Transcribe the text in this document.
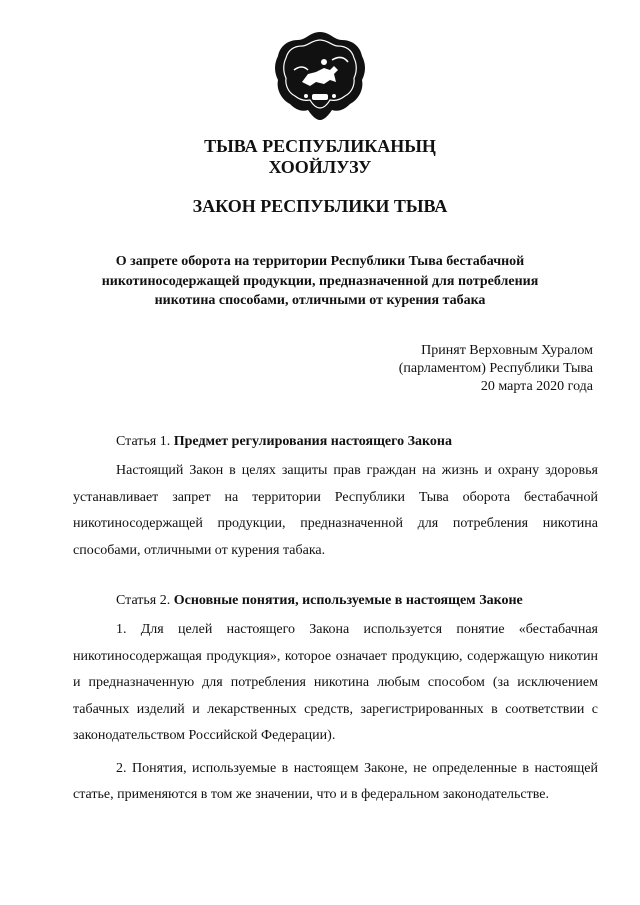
ТЫВА РЕСПУБЛИКАНЫҢ
ХООЙЛУЗУ
ЗАКОН РЕСПУБЛИКИ ТЫВА
О запрете оборота на территории Республики Тыва бестабачной
никотиносодержащей продукции, предназначенной для потребления
никотина способами, отличными от курения табака
Принят Верховным Хуралом
(парламентом) Республики Тыва
20 марта 2020 года
Статья 1. Предмет регулирования настоящего Закона

Настоящий Закон в целях защиты прав граждан на жизнь и охрану здоровья устанавливает запрет на территории Республики Тыва оборота бестабачной никотиносодержащей продукции, предназначенной для потребления никотина способами, отличными от курения табака.

Статья 2. Основные понятия, используемые в настоящем Законе

1. Для целей настоящего Закона используется понятие «бестабачная никотиносодержащая продукция», которое означает продукцию, содержащую никотин и предназначенную для потребления никотина любым способом (за исключением табачных изделий и лекарственных средств, зарегистрированных в соответствии с законодательством Российской Федерации).

2. Понятия, используемые в настоящем Законе, не определенные в настоящей статье, применяются в том же значении, что и в федеральном законодательстве.
